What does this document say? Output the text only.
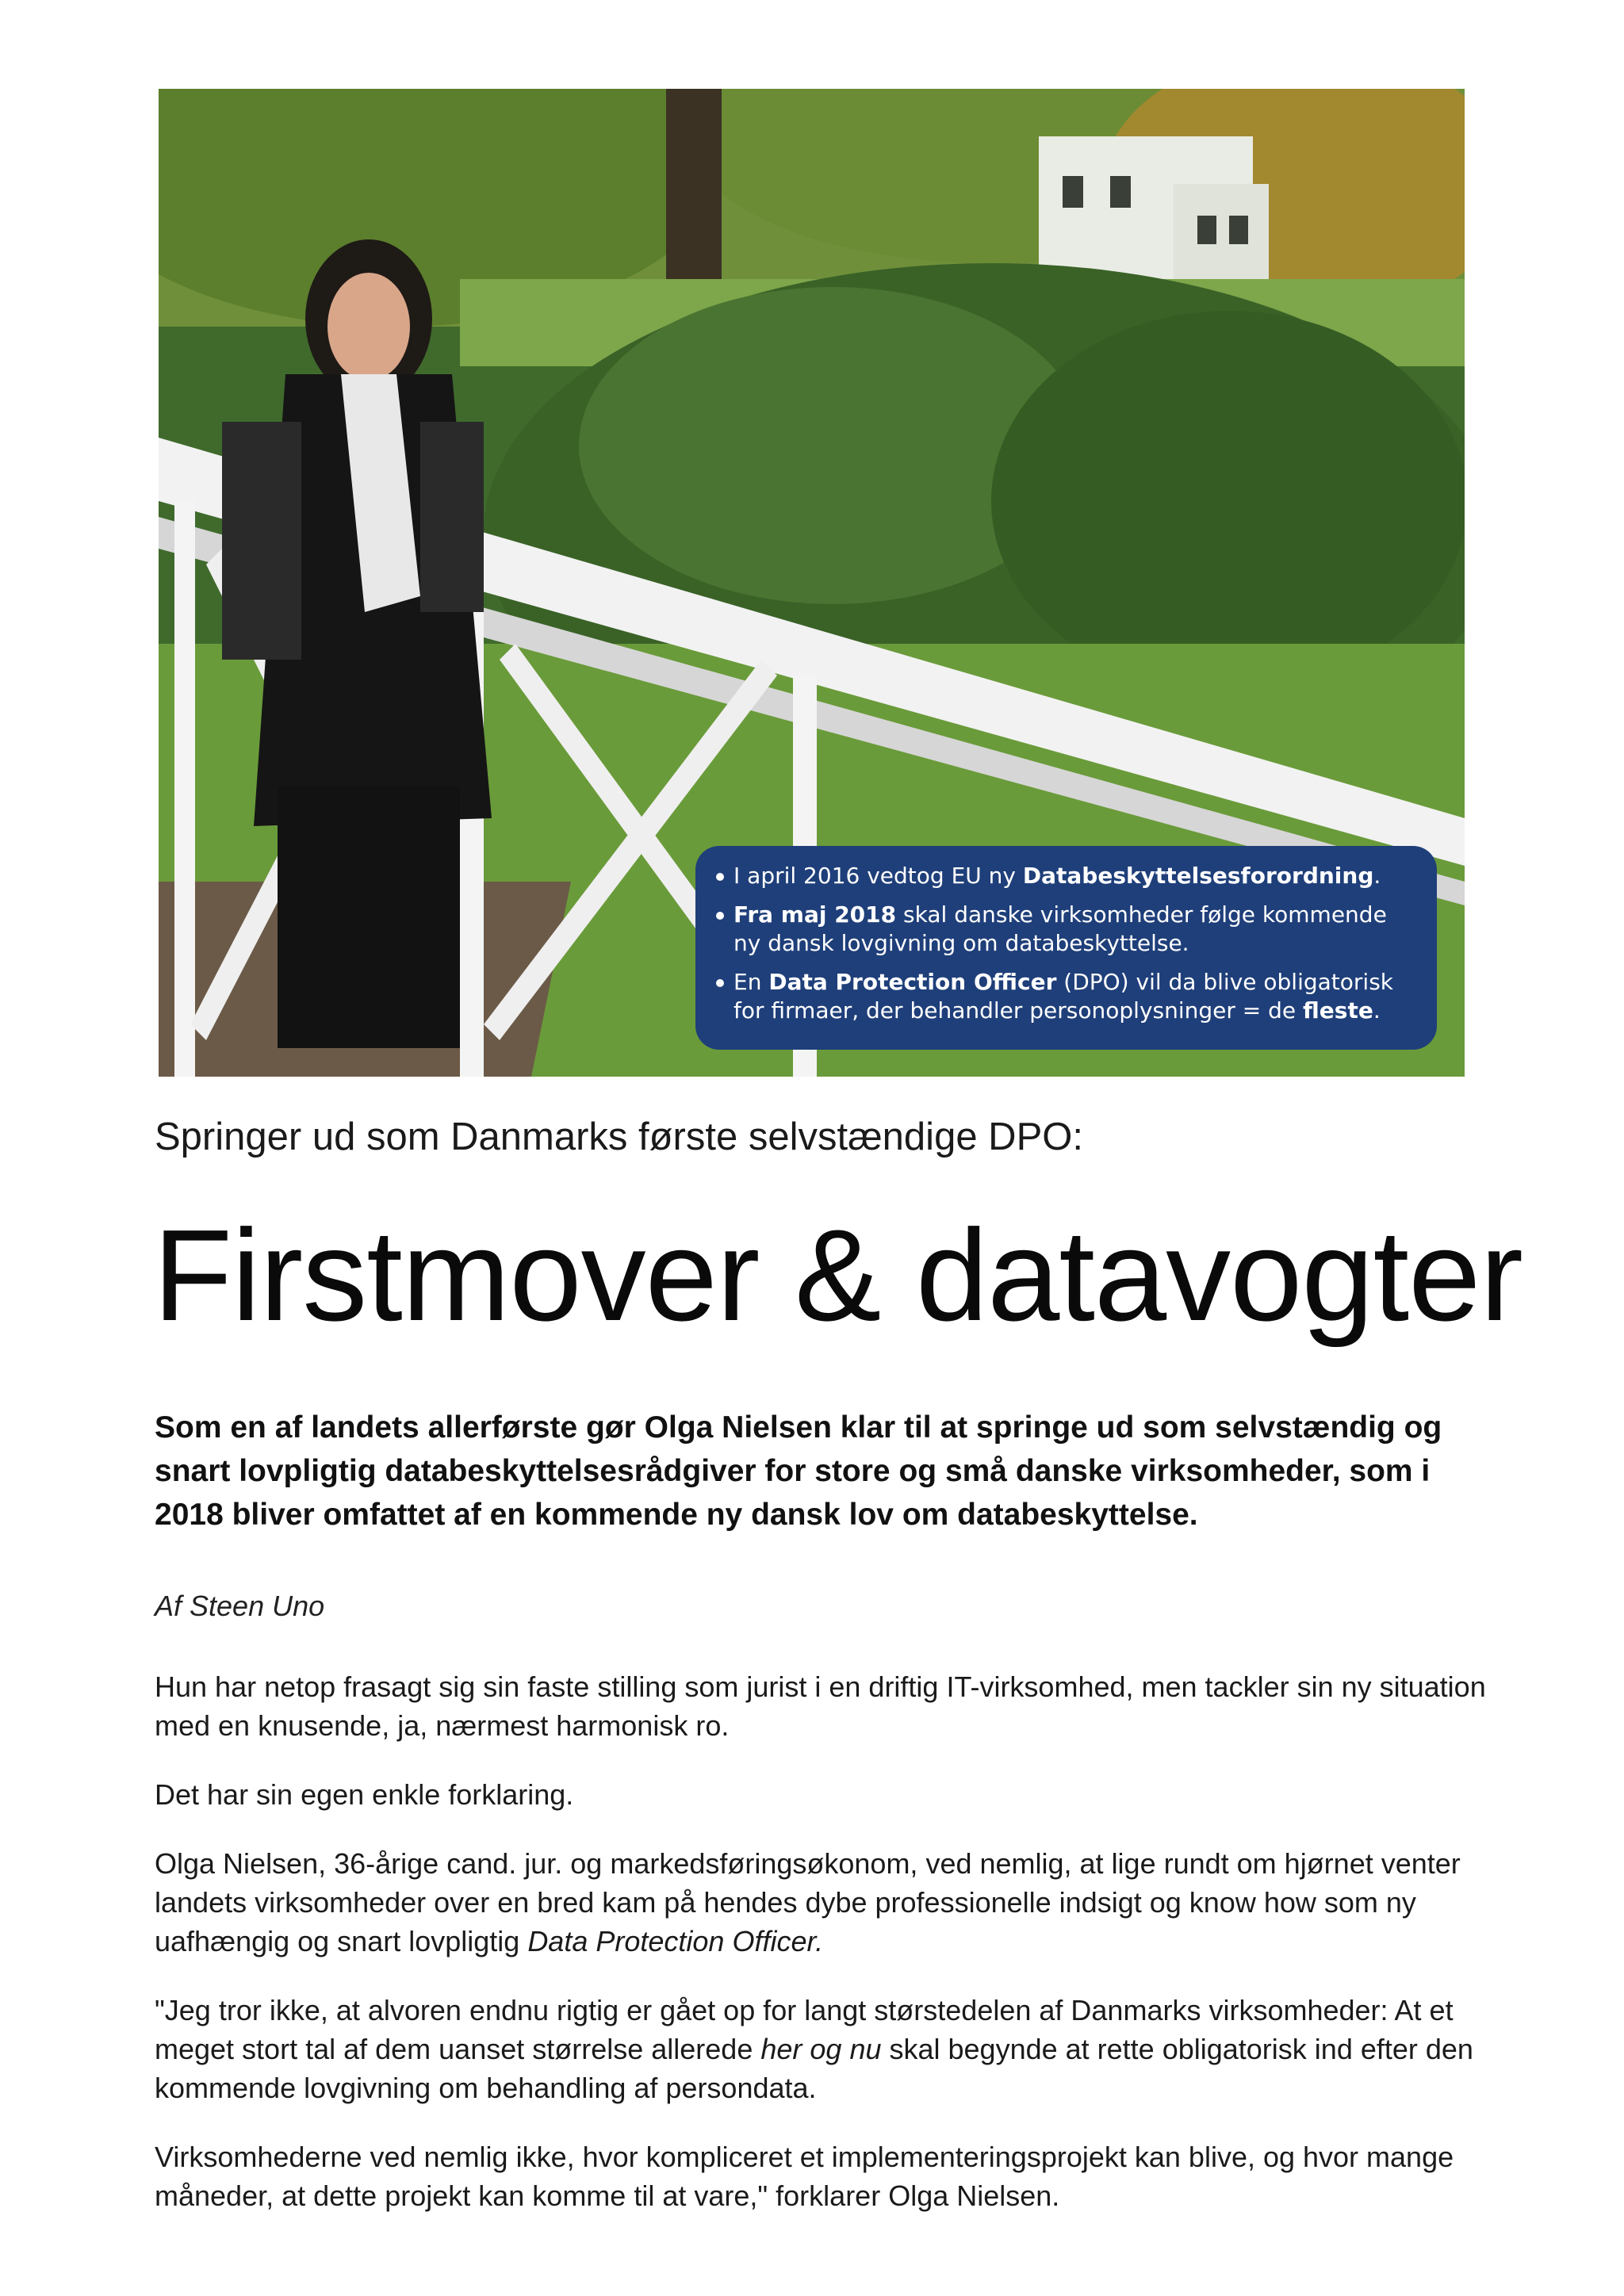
I april 2016 vedtog EU ny Databeskyttelsesforordning.
Fra maj 2018 skal danske virksomheder følge kommende ny dansk lovgivning om databeskyttelse.
En Data Protection Officer (DPO) vil da blive obligatorisk for firmaer, der behandler personoplysninger = de fleste.
Springer ud som Danmarks første selvstændige DPO:
Firstmover & datavogter
Som en af landets allerførste gør Olga Nielsen klar til at springe ud som selvstændig og snart lovpligtig databeskyttelsesrådgiver for store og små danske virksomheder, som i 2018 bliver omfattet af en kommende ny dansk lov om databeskyttelse.
Af Steen Uno

Hun har netop frasagt sig sin faste stilling som jurist i en driftig IT-virksomhed, men tackler sin ny situation med en knusende, ja, nærmest harmonisk ro.

Det har sin egen enkle forklaring.

Olga Nielsen, 36-årige cand. jur. og markedsføringsøkonom, ved nemlig, at lige rundt om hjørnet venter landets virksomheder over en bred kam på hendes dybe professionelle indsigt og know how som ny uafhængig og snart lovpligtig Data Protection Officer.

"Jeg tror ikke, at alvoren endnu rigtig er gået op for langt størstedelen af Danmarks virksomheder: At et meget stort tal af dem uanset størrelse allerede her og nu skal begynde at rette obligatorisk ind efter den kommende lovgivning om behandling af persondata.

Virksomhederne ved nemlig ikke, hvor kompliceret et implementeringsprojekt kan blive, og hvor mange måneder, at dette projekt kan komme til at vare," forklarer Olga Nielsen.
